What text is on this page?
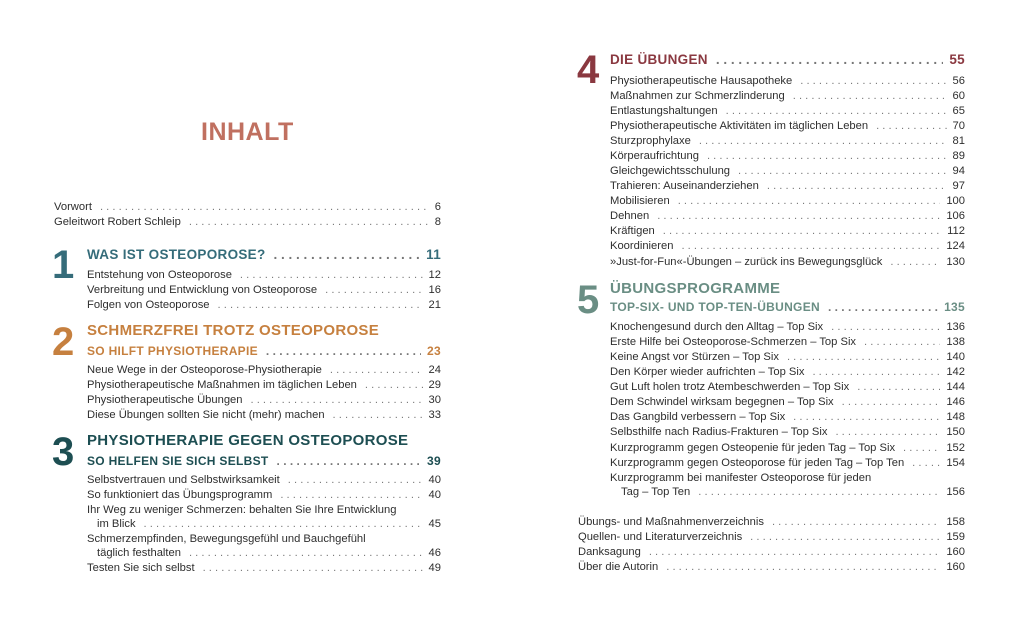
INHALT
Vorwort . . .	6
Geleitwort Robert Schleip . . .	8
1 WAS IST OSTEOPOROSE? . . .	11
Entstehung von Osteoporose . . .	12
Verbreitung und Entwicklung von Osteoporose . . .	16
Folgen von Osteoporose . . .	21
2 SCHMERZFREI TROTZ OSTEOPOROSE
SO HILFT PHYSIOTHERAPIE . . .	23
Neue Wege in der Osteoporose-Physiotherapie . . .	24
Physiotherapeutische Maßnahmen im täglichen Leben . . .	29
Physiotherapeutische Übungen . . .	30
Diese Übungen sollten Sie nicht (mehr) machen . . .	33
3 PHYSIOTHERAPIE GEGEN OSTEOPOROSE
SO HELFEN SIE SICH SELBST . . .	39
Selbstvertrauen und Selbstwirksamkeit . . .	40
So funktioniert das Übungsprogramm . . .	40
Ihr Weg zu weniger Schmerzen: behalten Sie Ihre Entwicklung
im Blick . . .	45
Schmerzempfinden, Bewegungsgefühl und Bauchgefühl
täglich festhalten . . .	46
Testen Sie sich selbst . . .	49
4 DIE ÜBUNGEN . . .	55
Physiotherapeutische Hausapotheke . . .	56
Maßnahmen zur Schmerzlinderung . . .	60
Entlastungshaltungen . . .	65
Physiotherapeutische Aktivitäten im täglichen Leben . . .	70
Sturzprophylaxe . . .	81
Körperaufrichtung . . .	89
Gleichgewichtsschulung . . .	94
Trahieren: Auseinanderziehen . . .	97
Mobilisieren . . .	100
Dehnen . . .	106
Kräftigen . . .	112
Koordinieren . . .	124
»Just-for-Fun«-Übungen – zurück ins Bewegungsglück . . .	130
5 ÜBUNGSPROGRAMME
TOP-SIX- UND TOP-TEN-ÜBUNGEN . . .	135
Knochengesund durch den Alltag – Top Six . . .	136
Erste Hilfe bei Osteoporose-Schmerzen – Top Six . . .	138
Keine Angst vor Stürzen – Top Six . . .	140
Den Körper wieder aufrichten – Top Six . . .	142
Gut Luft holen trotz Atembeschwerden – Top Six . . .	144
Dem Schwindel wirksam begegnen – Top Six . . .	146
Das Gangbild verbessern – Top Six . . .	148
Selbsthilfe nach Radius-Frakturen – Top Six . . .	150
Kurzprogramm gegen Osteopenie für jeden Tag – Top Six . . .	152
Kurzprogramm gegen Osteoporose für jeden Tag – Top Ten . . .	154
Kurzprogramm bei manifester Osteoporose für jeden
Tag – Top Ten . . .	156
Übungs- und Maßnahmenverzeichnis . . .	158
Quellen- und Literaturverzeichnis . . .	159
Danksagung . . .	160
Über die Autorin . . .	160
